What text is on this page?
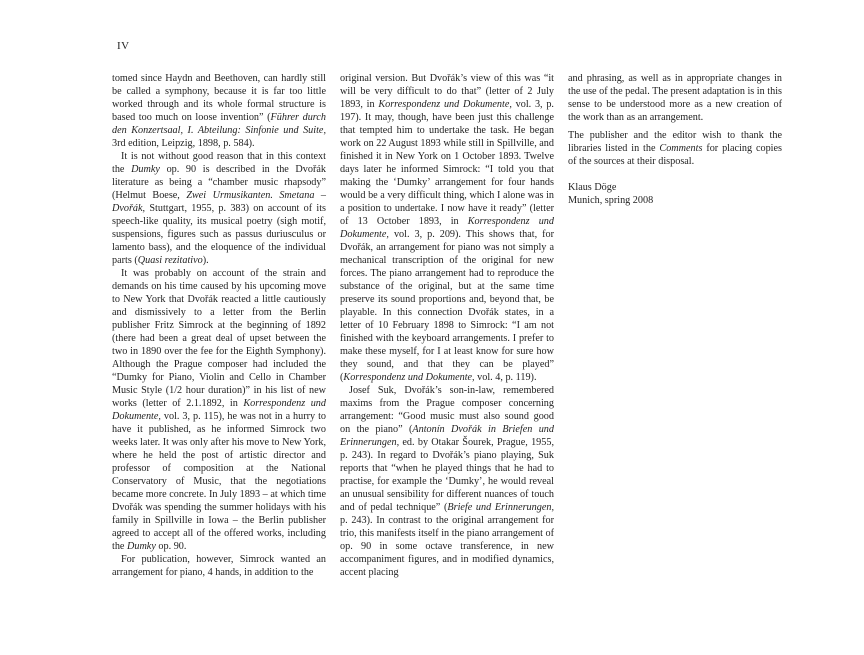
IV

tomed since Haydn and Beethoven, can hardly still be called a symphony, because it is far too little worked through and its whole formal structure is based too much on loose invention” (Führer durch den Konzertsaal, I. Abteilung: Sinfonie und Suite, 3rd edition, Leipzig, 1898, p. 584).

It is not without good reason that in this context the Dumky op. 90 is described in the Dvořák literature as being a “chamber music rhapsody” (Helmut Boese, Zwei Urmusikanten. Smetana – Dvořák, Stuttgart, 1955, p. 383) on account of its speech-like quality, its musical poetry (sigh motif, suspensions, figures such as passus duriusculus or lamento bass), and the eloquence of the individual parts (Quasi rezitativo).

It was probably on account of the strain and demands on his time caused by his upcoming move to New York that Dvořák reacted a little cautiously and dismissively to a letter from the Berlin publisher Fritz Simrock at the beginning of 1892 (there had been a great deal of upset between the two in 1890 over the fee for the Eighth Symphony). Although the Prague composer had included the “Dumky for Piano, Violin and Cello in Chamber Music Style (1/2 hour duration)” in his list of new works (letter of 2.1.1892, in Korrespondenz und Dokumente, vol. 3, p. 115), he was not in a hurry to have it published, as he informed Simrock two weeks later. It was only after his move to New York, where he held the post of artistic director and professor of composition at the National Conservatory of Music, that the negotiations became more concrete. In July 1893 – at which time Dvořák was spending the summer holidays with his family in Spillville in Iowa – the Berlin publisher agreed to accept all of the offered works, including the Dumky op. 90.

For publication, however, Simrock wanted an arrangement for piano, 4 hands, in addition to the

original version. But Dvořák’s view of this was “it will be very difficult to do that” (letter of 2 July 1893, in Korrespondenz und Dokumente, vol. 3, p. 197). It may, though, have been just this challenge that tempted him to undertake the task. He began work on 22 August 1893 while still in Spillville, and finished it in New York on 1 October 1893. Twelve days later he informed Simrock: “I told you that making the ‘Dumky’ arrangement for four hands would be a very difficult thing, which I alone was in a position to undertake. I now have it ready” (letter of 13 October 1893, in Korrespondenz und Dokumente, vol. 3, p. 209). This shows that, for Dvořák, an arrangement for piano was not simply a mechanical transcription of the original for new forces. The piano arrangement had to reproduce the substance of the original, but at the same time preserve its sound proportions and, beyond that, be playable. In this connection Dvořák states, in a letter of 10 February 1898 to Simrock: “I am not finished with the keyboard arrangements. I prefer to make these myself, for I at least know for sure how they sound, and that they can be played” (Korrespondenz und Dokumente, vol. 4, p. 119).

Josef Suk, Dvořák’s son-in-law, remembered maxims from the Prague composer concerning arrangement: “Good music must also sound good on the piano” (Antonín Dvořák in Briefen und Erinnerungen, ed. by Otakar Šourek, Prague, 1955, p. 243). In regard to Dvořák’s piano playing, Suk reports that “when he played things that he had to practise, for example the ‘Dumky’, he would reveal an unusual sensibility for different nuances of touch and of pedal technique” (Briefe und Erinnerungen, p. 243). In contrast to the original arrangement for trio, this manifests itself in the piano arrangement of op. 90 in some octave transference, in new accompaniment figures, and in modified dynamics, accent placing

and phrasing, as well as in appropriate changes in the use of the pedal. The present adaptation is in this sense to be understood more as a new creation of the work than as an arrangement.

The publisher and the editor wish to thank the libraries listed in the Comments for placing copies of the sources at their disposal.

Klaus Döge
Munich, spring 2008
